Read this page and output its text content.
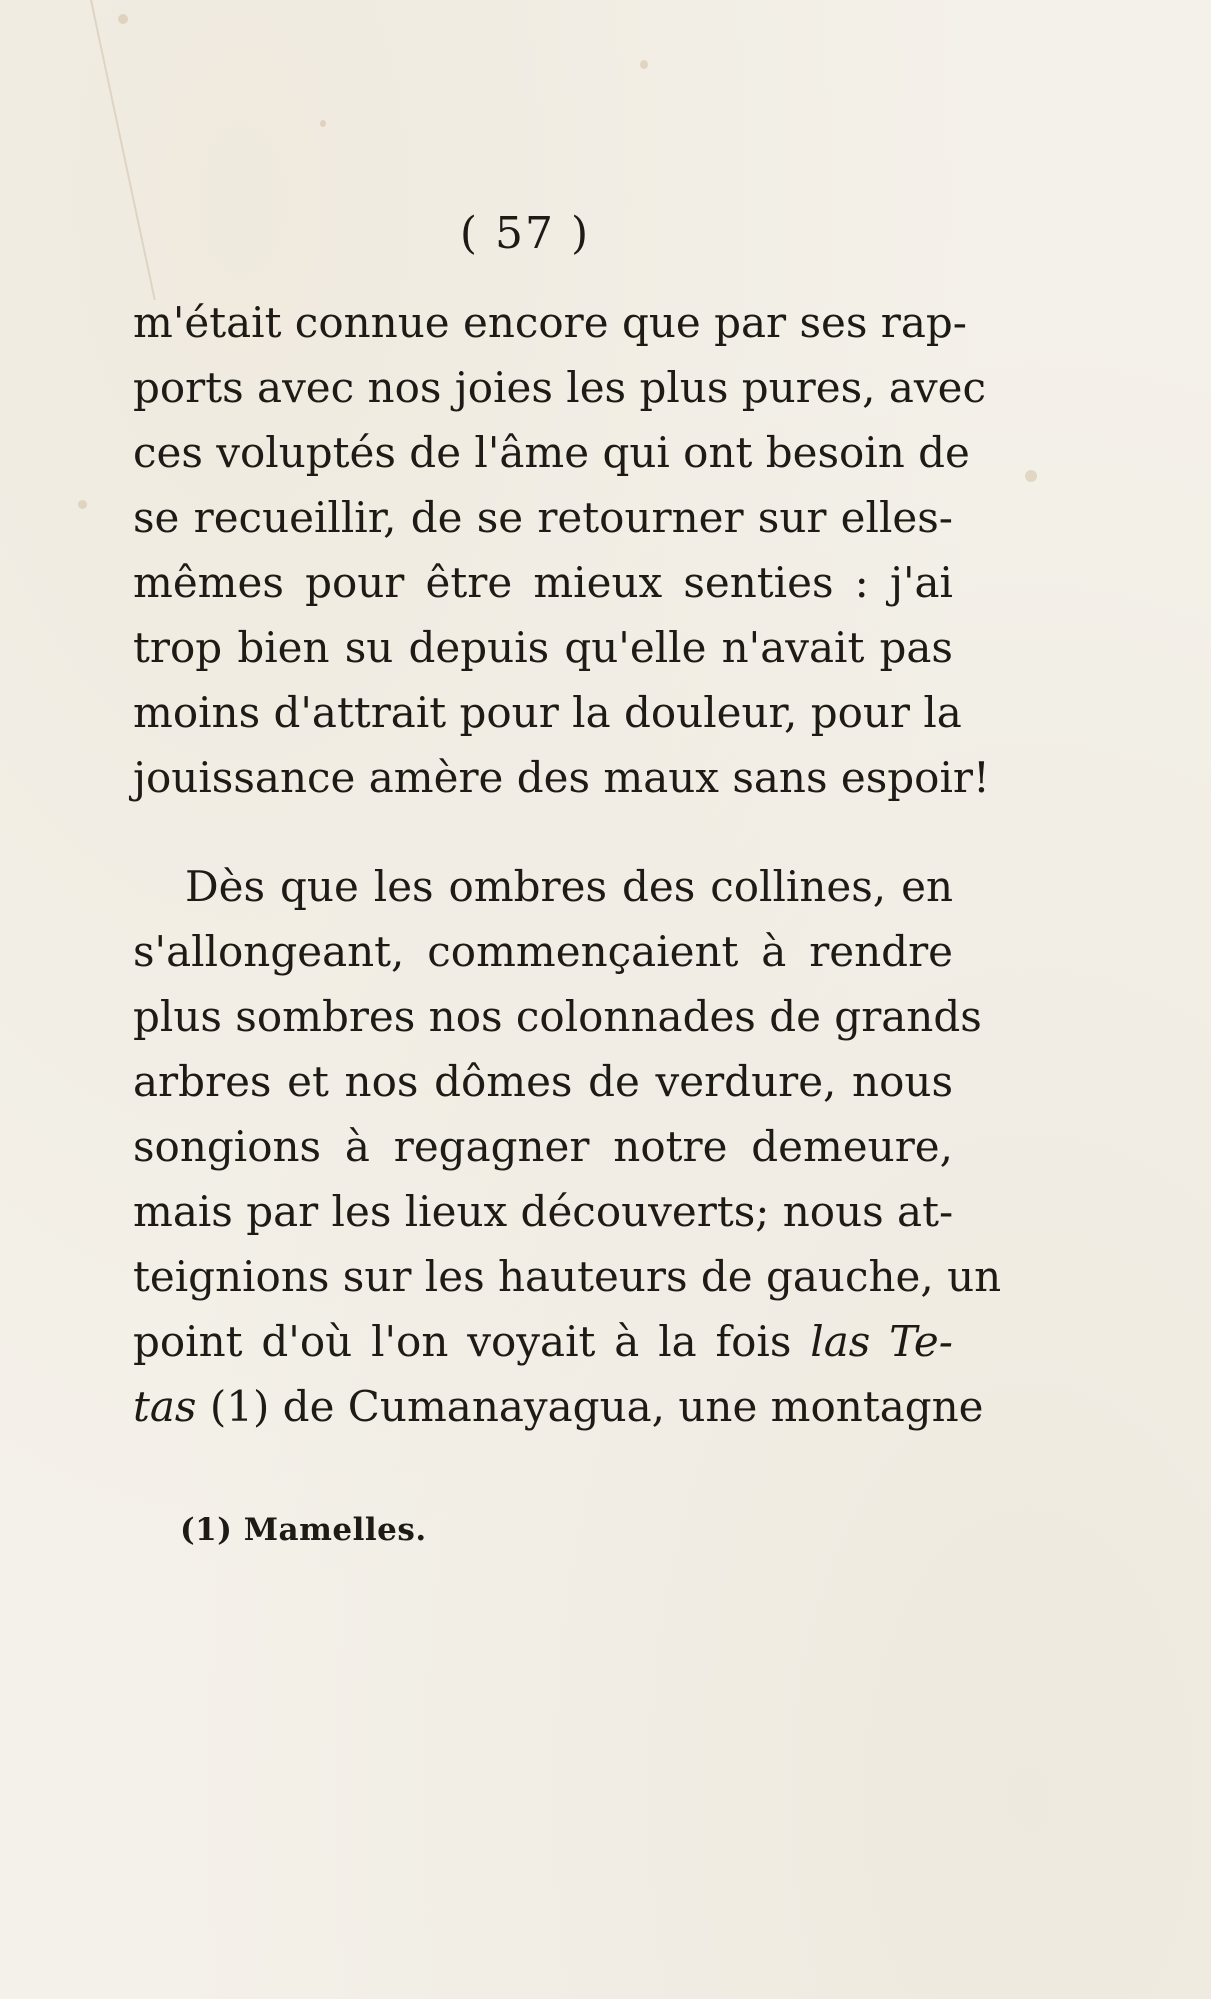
( 57 )
m'était connue encore que par ses rap-
ports avec nos joies les plus pures, avec
ces voluptés de l'âme qui ont besoin de
se recueillir, de se retourner sur elles-
mêmes pour être mieux senties : j'ai
trop bien su depuis qu'elle n'avait pas
moins d'attrait pour la douleur, pour la
jouissance amère des maux sans espoir!
Dès que les ombres des collines, en
s'allongeant, commençaient à rendre
plus sombres nos colonnades de grands
arbres et nos dômes de verdure, nous
songions à regagner notre demeure,
mais par les lieux découverts; nous at-
teignions sur les hauteurs de gauche, un
point d'où l'on voyait à la fois las Te-
tas (1) de Cumanayagua, une montagne
(1) Mamelles.
